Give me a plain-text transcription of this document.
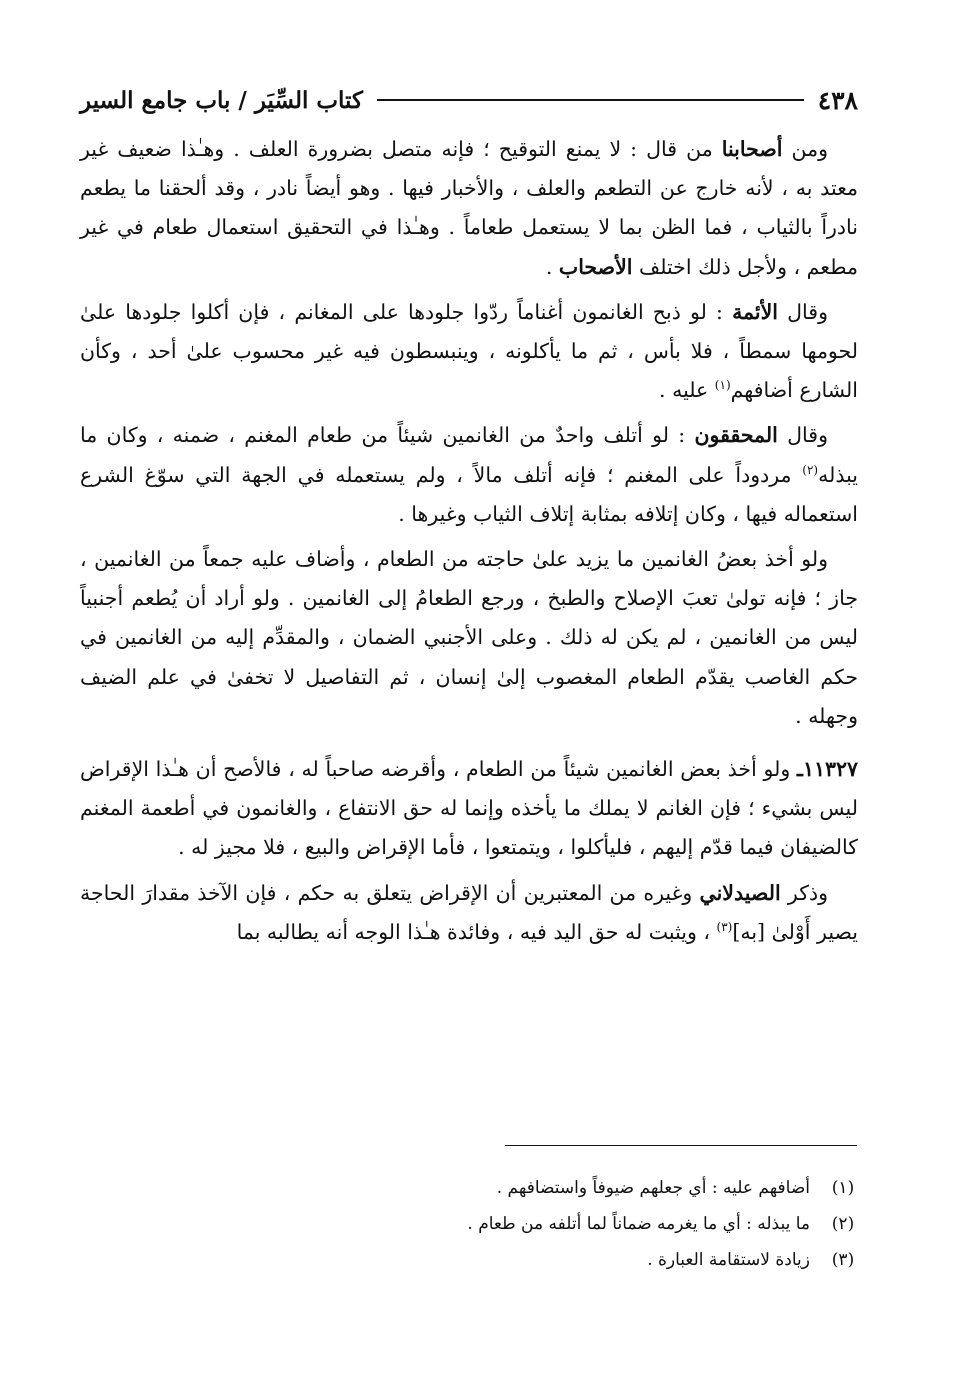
٤٣٨
كتاب السِّيَر / باب جامع السير

ومن أصحابنا من قال : لا يمنع التوقيح ؛ فإنه متصل بضرورة العلف . وهـٰذا ضعيف غير معتد به ، لأنه خارج عن التطعم والعلف ، والأخبار فيها . وهو أيضاً نادر ، وقد ألحقنا ما يطعم نادراً بالثياب ، فما الظن بما لا يستعمل طعاماً . وهـٰذا في التحقيق استعمال طعام في غير مطعم ، ولأجل ذلك اختلف الأصحاب .

وقال الأئمة : لو ذبح الغانمون أغناماً ردّوا جلودها على المغانم ، فإن أكلوا جلودها علىٰ لحومها سمطاً ، فلا بأس ، ثم ما يأكلونه ، وينبسطون فيه غير محسوب علىٰ أحد ، وكأن الشارع أضافهم$^{(١)}$ عليه .

وقال المحققون : لو أتلف واحدٌ من الغانمين شيئاً من طعام المغنم ، ضمنه ، وكان ما يبذله$^{(٢)}$ مردوداً على المغنم ؛ فإنه أتلف مالاً ، ولم يستعمله في الجهة التي سوّغ الشرع استعماله فيها ، وكان إتلافه بمثابة إتلاف الثياب وغيرها .

ولو أخذ بعضُ الغانمين ما يزيد علىٰ حاجته من الطعام ، وأضاف عليه جمعاً من الغانمين ، جاز ؛ فإنه تولىٰ تعبَ الإصلاح والطبخ ، ورجع الطعامُ إلى الغانمين . ولو أراد أن يُطعم أجنبياً ليس من الغانمين ، لم يكن له ذلك . وعلى الأجنبي الضمان ، والمقدِّم إليه من الغانمين في حكم الغاصب يقدّم الطعام المغصوب إلىٰ إنسان ، ثم التفاصيل لا تخفىٰ في علم الضيف وجهله .

١١٣٢٧ـ ولو أخذ بعض الغانمين شيئاً من الطعام ، وأقرضه صاحباً له ، فالأصح أن هـٰذا الإقراض ليس بشيء ؛ فإن الغانم لا يملك ما يأخذه وإنما له حق الانتفاع ، والغانمون في أطعمة المغنم كالضيفان فيما قدّم إليهم ، فليأكلوا ، ويتمتعوا ، فأما الإقراض والبيع ، فلا مجيز له .

وذكر الصيدلاني وغيره من المعتبرين أن الإقراض يتعلق به حكم ، فإن الآخذ مقدارَ الحاجة يصير أَوْلىٰ [به]$^{(٣)}$ ، ويثبت له حق اليد فيه ، وفائدة هـٰذا الوجه أنه يطالبه بما

(١)
أضافهم عليه : أي جعلهم ضيوفاً واستضافهم .
(٢)
ما يبذله : أي ما يغرمه ضماناً لما أتلفه من طعام .
(٣)
زيادة لاستقامة العبارة .
